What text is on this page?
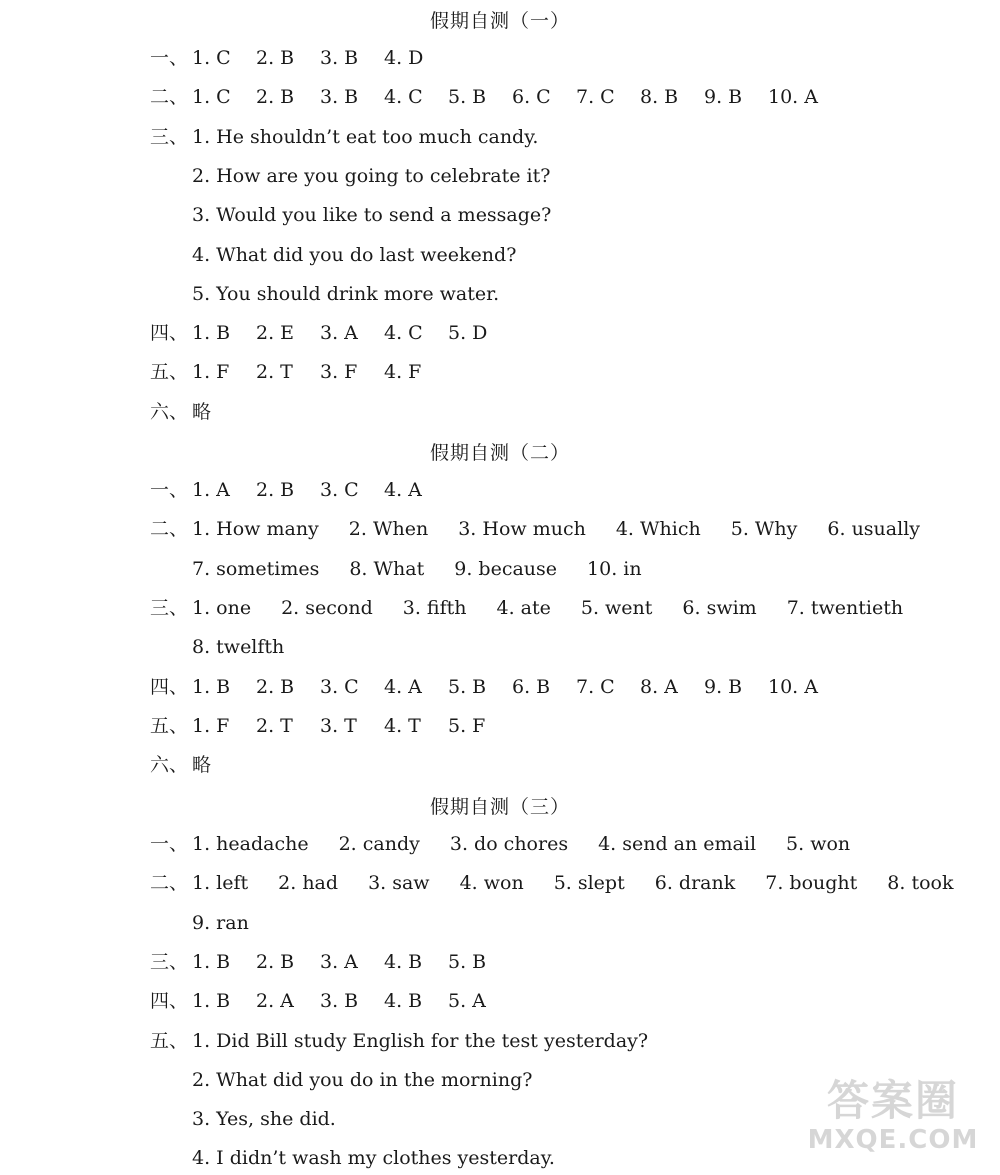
假期自测（一）
一、 1. C 2. B 3. B 4. D
二、 1. C 2. B 3. B 4. C 5. B 6. C 7. C 8. B 9. B 10. A
三、 1. He shouldn’t eat too much candy.
2. How are you going to celebrate it?
3. Would you like to send a message?
4. What did you do last weekend?
5. You should drink more water.
四、 1. B 2. E 3. A 4. C 5. D
五、 1. F 2. T 3. F 4. F
六、 略
假期自测（二）
一、 1. A 2. B 3. C 4. A
二、 1. How many 2. When 3. How much 4. Which 5. Why 6. usually
7. sometimes 8. What 9. because 10. in
三、 1. one 2. second 3. fifth 4. ate 5. went 6. swim 7. twentieth
8. twelfth
四、 1. B 2. B 3. C 4. A 5. B 6. B 7. C 8. A 9. B 10. A
五、 1. F 2. T 3. T 4. T 5. F
六、 略
假期自测（三）
一、 1. headache 2. candy 3. do chores 4. send an email 5. won
二、 1. left 2. had 3. saw 4. won 5. slept 6. drank 7. bought 8. took
9. ran
三、 1. B 2. B 3. A 4. B 5. B
四、 1. B 2. A 3. B 4. B 5. A
五、 1. Did Bill study English for the test yesterday?
2. What did you do in the morning?
3. Yes, she did.
4. I didn’t wash my clothes yesterday.
答案圈
MXQE.COM
